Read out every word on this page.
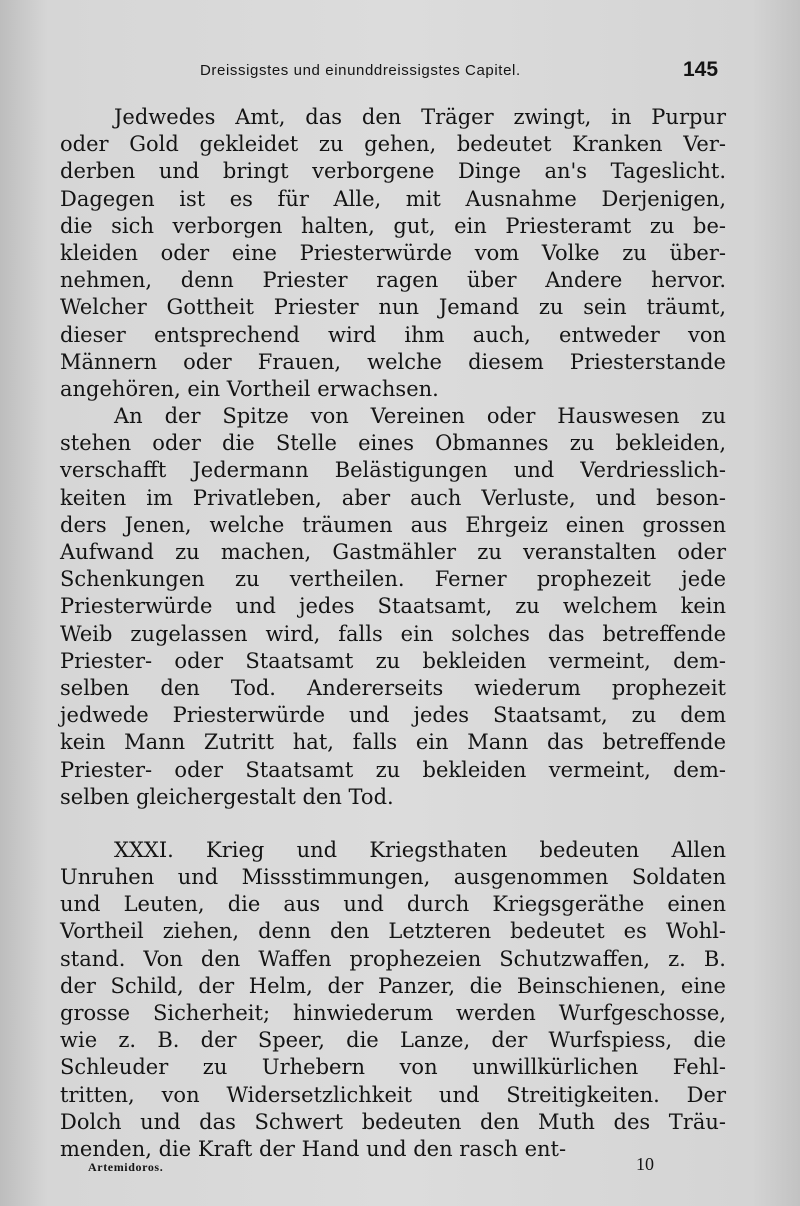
Dreissigstes und einunddreissigstes Capitel.	145
Jedwedes Amt, das den Träger zwingt, in Purpur
oder Gold gekleidet zu gehen, bedeutet Kranken Ver-
derben und bringt verborgene Dinge an's Tageslicht.
Dagegen ist es für Alle, mit Ausnahme Derjenigen,
die sich verborgen halten, gut, ein Priesteramt zu be-
kleiden oder eine Priesterwürde vom Volke zu über-
nehmen, denn Priester ragen über Andere hervor.
Welcher Gottheit Priester nun Jemand zu sein träumt,
dieser entsprechend wird ihm auch, entweder von
Männern oder Frauen, welche diesem Priesterstande
angehören, ein Vortheil erwachsen.
An der Spitze von Vereinen oder Hauswesen zu
stehen oder die Stelle eines Obmannes zu bekleiden,
verschafft Jedermann Belästigungen und Verdriesslich-
keiten im Privatleben, aber auch Verluste, und beson-
ders Jenen, welche träumen aus Ehrgeiz einen grossen
Aufwand zu machen, Gastmähler zu veranstalten oder
Schenkungen zu vertheilen. Ferner prophezeit jede
Priesterwürde und jedes Staatsamt, zu welchem kein
Weib zugelassen wird, falls ein solches das betreffende
Priester- oder Staatsamt zu bekleiden vermeint, dem-
selben den Tod. Andererseits wiederum prophezeit
jedwede Priesterwürde und jedes Staatsamt, zu dem
kein Mann Zutritt hat, falls ein Mann das betreffende
Priester- oder Staatsamt zu bekleiden vermeint, dem-
selben gleichergestalt den Tod.
XXXI. Krieg und Kriegsthaten bedeuten Allen
Unruhen und Missstimmungen, ausgenommen Soldaten
und Leuten, die aus und durch Kriegsgeräthe einen
Vortheil ziehen, denn den Letzteren bedeutet es Wohl-
stand. Von den Waffen prophezeien Schutzwaffen, z. B.
der Schild, der Helm, der Panzer, die Beinschienen, eine
grosse Sicherheit; hinwiederum werden Wurfgeschosse,
wie z. B. der Speer, die Lanze, der Wurfspiess, die
Schleuder zu Urhebern von unwillkürlichen Fehl-
tritten, von Widersetzlichkeit und Streitigkeiten. Der
Dolch und das Schwert bedeuten den Muth des Träu-
menden, die Kraft der Hand und den rasch ent-
Artemidoros.	10
